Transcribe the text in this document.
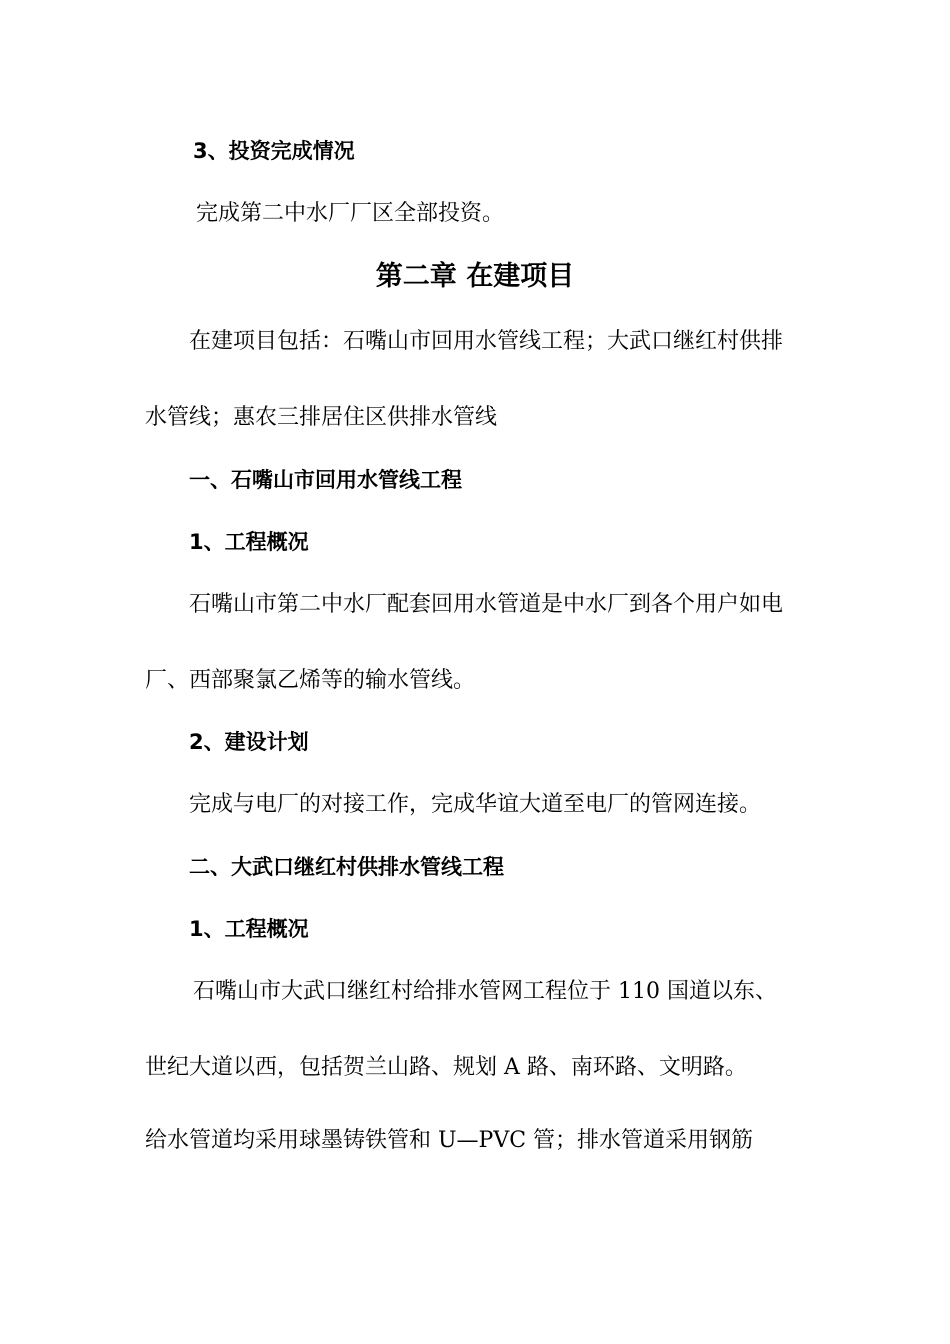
3、投资完成情况
完成第二中水厂厂区全部投资。
第二章 在建项目
在建项目包括：石嘴山市回用水管线工程；大武口继红村供排
水管线；惠农三排居住区供排水管线
一、石嘴山市回用水管线工程
1、工程概况
石嘴山市第二中水厂配套回用水管道是中水厂到各个用户如电
厂、西部聚氯乙烯等的输水管线。
2、建设计划
完成与电厂的对接工作，完成华谊大道至电厂的管网连接。
二、大武口继红村供排水管线工程
1、工程概况
石嘴山市大武口继红村给排水管网工程位于 110 国道以东、
世纪大道以西，包括贺兰山路、规划 A 路、南环路、文明路。
给水管道均采用球墨铸铁管和 U—PVC 管；排水管道采用钢筋
